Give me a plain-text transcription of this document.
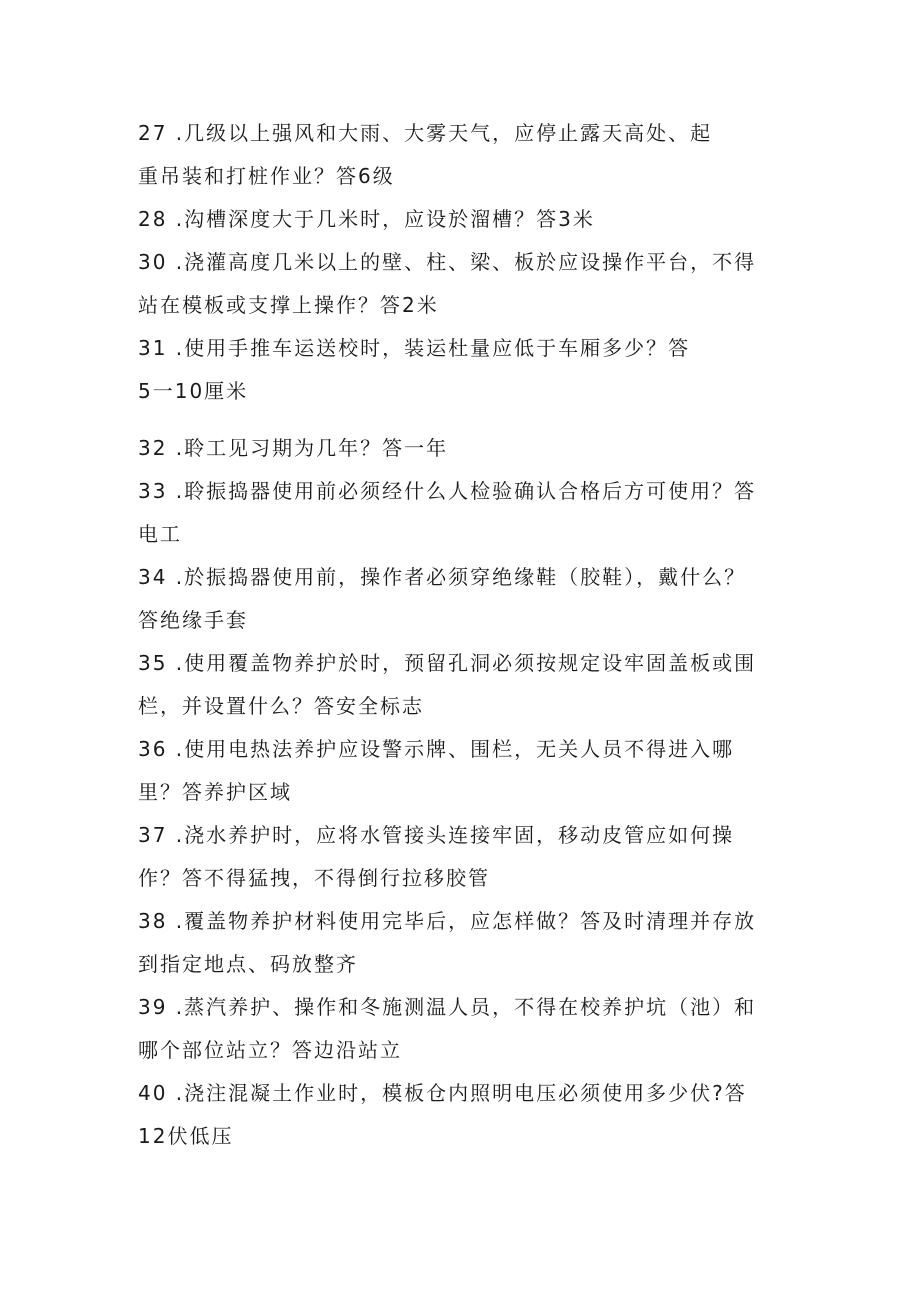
27 .几级以上强风和大雨、大雾天气，应停止露天高处、起
重吊装和打桩作业？答6级
28 .沟槽深度大于几米时，应设於溜槽？答3米
30 .浇灌高度几米以上的壁、柱、梁、板於应设操作平台，不得
站在模板或支撑上操作？答2米
31 .使用手推车运送校时，装运杜量应低于车厢多少？答
5一10厘米
32 .聆工见习期为几年？答一年
33 .聆振捣器使用前必须经什么人检验确认合格后方可使用？答
电工
34 .於振捣器使用前，操作者必须穿绝缘鞋（胶鞋），戴什么？
答绝缘手套
35 .使用覆盖物养护於时，预留孔洞必须按规定设牢固盖板或围
栏，并设置什么？答安全标志
36 .使用电热法养护应设警示牌、围栏，无关人员不得进入哪
里？答养护区域
37 .浇水养护时，应将水管接头连接牢固，移动皮管应如何操
作？答不得猛拽，不得倒行拉移胶管
38 .覆盖物养护材料使用完毕后，应怎样做？答及时清理并存放
到指定地点、码放整齐
39 .蒸汽养护、操作和冬施测温人员，不得在校养护坑（池）和
哪个部位站立？答边沿站立
40 .浇注混凝土作业时，模板仓内照明电压必须使用多少伏?答
12伏低压
